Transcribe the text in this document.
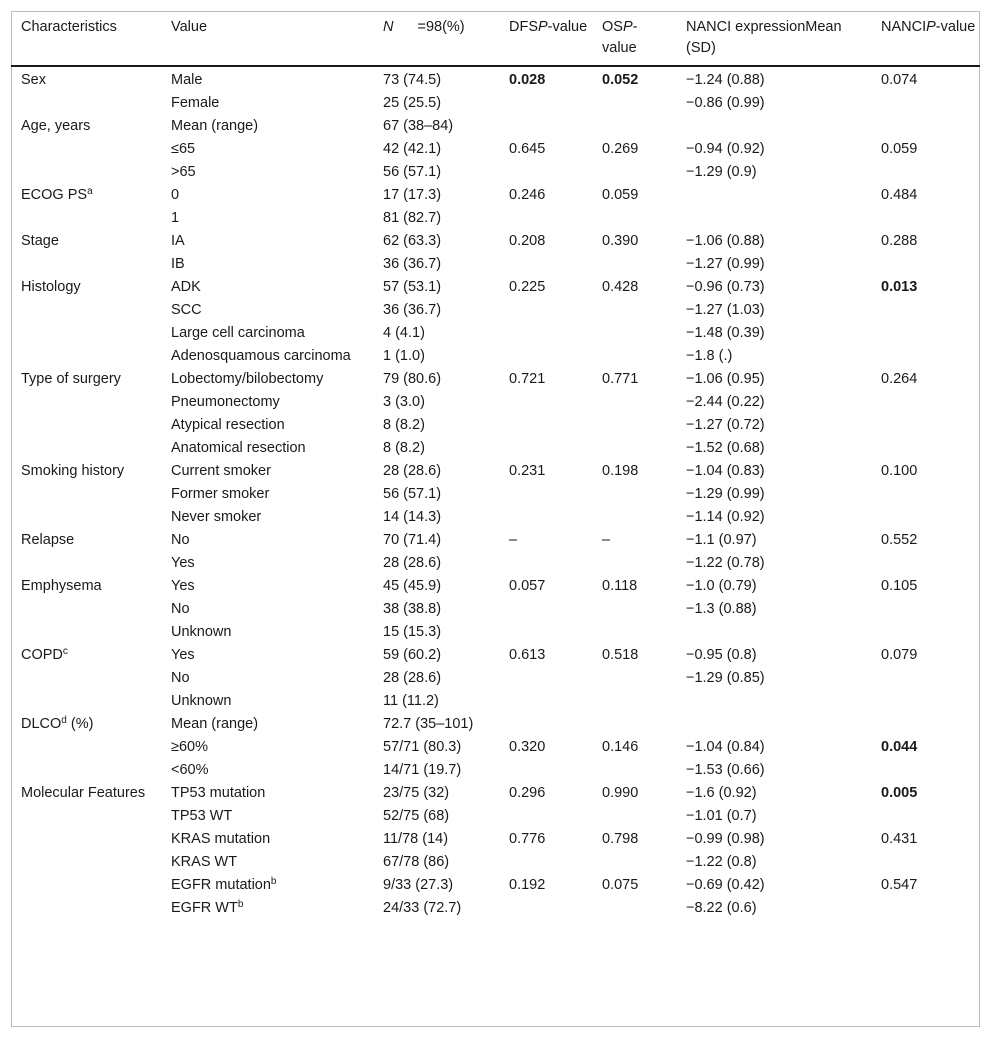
Characteristics	Value	N =98(%)	DFSP-value	OSP-value	NANCI expressionMean (SD)	NANCIP-value
Sex	Male	73 (74.5)	0.028	0.052	−1.24 (0.88)	0.074
	Female	25 (25.5)			−0.86 (0.99)	
Age, years	Mean (range)	67 (38–84)				
	≤65	42 (42.1)	0.645	0.269	−0.94 (0.92)	0.059
	>65	56 (57.1)			−1.29 (0.9)	
ECOG $PS^a$	0	17 (17.3)	0.246	0.059		0.484
	1	81 (82.7)				
Stage	IA	62 (63.3)	0.208	0.390	−1.06 (0.88)	0.288
	IB	36 (36.7)			−1.27 (0.99)	
Histology	ADK	57 (53.1)	0.225	0.428	−0.96 (0.73)	0.013
	SCC	36 (36.7)			−1.27 (1.03)	
	Large cell carcinoma	4 (4.1)			−1.48 (0.39)	
	Adenosquamous carcinoma	1 (1.0)			−1.8 (.)	
Type of surgery	Lobectomy/bilobectomy	79 (80.6)	0.721	0.771	−1.06 (0.95)	0.264
	Pneumonectomy	3 (3.0)			−2.44 (0.22)	
	Atypical resection	8 (8.2)			−1.27 (0.72)	
	Anatomical resection	8 (8.2)			−1.52 (0.68)	
Smoking history	Current smoker	28 (28.6)	0.231	0.198	−1.04 (0.83)	0.100
	Former smoker	56 (57.1)			−1.29 (0.99)	
	Never smoker	14 (14.3)			−1.14 (0.92)	
Relapse	No	70 (71.4)	–	–	−1.1 (0.97)	0.552
	Yes	28 (28.6)			−1.22 (0.78)	
Emphysema	Yes	45 (45.9)	0.057	0.118	−1.0 (0.79)	0.105
	No	38 (38.8)			−1.3 (0.88)	
	Unknown	15 (15.3)				
COPD$^c$	Yes	59 (60.2)	0.613	0.518	−0.95 (0.8)	0.079
	No	28 (28.6)			−1.29 (0.85)	
	Unknown	11 (11.2)				
DLCO$^d$ (%)	Mean (range)	72.7 (35–101)				
	≥60%	57/71 (80.3)	0.320	0.146	−1.04 (0.84)	0.044
	<60%	14/71 (19.7)			−1.53 (0.66)	
Molecular Features	TP53 mutation	23/75 (32)	0.296	0.990	−1.6 (0.92)	0.005
	TP53 WT	52/75 (68)			−1.01 (0.7)	
	KRAS mutation	11/78 (14)	0.776	0.798	−0.99 (0.98)	0.431
	KRAS WT	67/78 (86)			−1.22 (0.8)	
	EGFR mutation$^b$	9/33 (27.3)	0.192	0.075	−0.69 (0.42)	0.547
	EGFR $WT^b$	24/33 (72.7)			−8.22 (0.6)	
